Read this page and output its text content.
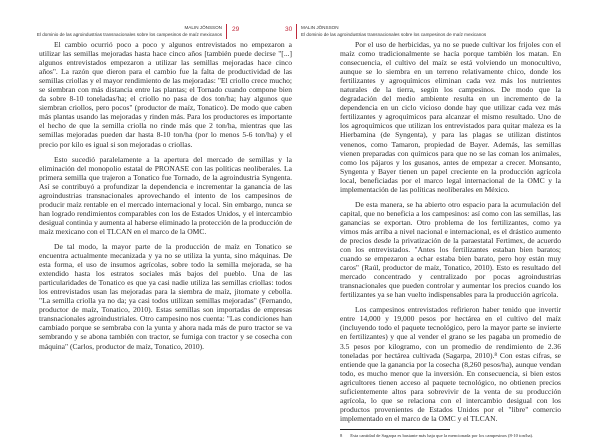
MALIN JÖNSSON
El dominio de las agroindustrias transnacionales sobre los campesinos de maíz mexicanos
29	30 MALIN JÖNSSON
El dominio de las agroindustrias transnacionales sobre los campesinos de maíz mexicanos

El cambio ocurrió poco a poco y algunos entrevistados no empezaron a utilizar las semillas mejoradas hasta hace cinco años [también puede decirse "[...] algunos entrevistados empezaron a utilizar las semillas mejoradas hace cinco años". La razón que dieron para el cambio fue la falta de productividad de las semillas criollas y el mayor rendimiento de las mejoradas: "El criollo crece mucho; se siembran con más distancia entre las plantas; el Tornado cuando compone bien da sobre 8-10 toneladas/ha; el criollo no pasa de dos ton/ha; hay algunos que siembran criollos, pero pocos" (productor de maíz, Tonatico). De modo que caben más plantas usando las mejoradas y rinden más. Para los productores es importante el hecho de que la semilla criolla no rinde más que 2 ton/ha, mientras que las semillas mejoradas pueden dar hasta 8-10 ton/ha (por lo menos 5-6 ton/ha) y el precio por kilo es igual si son mejoradas o criollas.

Esto sucedió paralelamente a la apertura del mercado de semillas y la eliminación del monopolio estatal de PRONASE con las políticas neoliberales. La primera semilla que trajeron a Tonatico fue Tornado, de la agroindustria Syngenta. Así se contribuyó a profundizar la dependencia e incrementar la ganancia de las agroindustrias transnacionales aprovechando el intento de los campesinos de producir maíz rentable en el mercado internacional y local. Sin embargo, nunca se han logrado rendimientos comparables con los de Estados Unidos, y el intercambio desigual continúa y aumenta al haberse eliminado la protección de la producción de maíz mexicano con el TLCAN en el marco de la OMC.

De tal modo, la mayor parte de la producción de maíz en Tonatico se encuentra actualmente mecanizada y ya no se utiliza la yunta, sino máquinas. De esta forma, el uso de insumos agrícolas, sobre todo la semilla mejorada, se ha extendido hasta los estratos sociales más bajos del pueblo. Una de las particularidades de Tonatico es que ya casi nadie utiliza las semillas criollas: todos los entrevistados usan las mejoradas para la siembra de maíz, jitomate y cebolla. "La semilla criolla ya no da; ya casi todos utilizan semillas mejoradas" (Fernando, productor de maíz, Tonatico, 2010). Estas semillas son importadas de empresas transnacionales agroindustriales. Otro campesino nos cuenta: "Las condiciones han cambiado porque se sembraba con la yunta y ahora nada más de puro tractor se va sembrando y se abona también con tractor, se fumiga con tractor y se cosecha con máquina" (Carlos, productor de maíz, Tonatico, 2010).

Por el uso de herbicidas, ya no se puede cultivar los frijoles con el maíz como tradicionalmente se hacía porque también los matan. En consecuencia, el cultivo del maíz se está volviendo un monocultivo, aunque se lo siembra en un terreno relativamente chico, donde los fertilizantes y agroquímicos eliminan cada vez más los nutrientes naturales de la tierra, según los campesinos. De modo que la degradación del medio ambiente resulta en un incremento de la dependencia en un ciclo vicioso donde hay que utilizar cada vez más fertilizantes y agroquímicos para alcanzar el mismo resultado. Uno de los agroquímicos que utilizan los entrevistados para quitar maleza es la Hierbamina (de Syngenta), y para las plagas se utilizan distintos venenos, como Tamaron, propiedad de Bayer. Además, las semillas vienen preparadas con químicos para que no se las coman los animales, como los pájaros y los gusanos, antes de empezar a crecer. Monsanto, Syngenta y Bayer tienen un papel creciente en la producción agrícola local, beneficiadas por el marco legal internacional de la OMC y la implementación de las políticas neoliberales en México.

De esta manera, se ha abierto otro espacio para la acumulación del capital, que no beneficia a los campesinos: así como con las semillas, las ganancias se exportan. Otro problema de los fertilizantes, como ya vimos más arriba a nivel nacional e internacional, es el drástico aumento de precios desde la privatización de la paraestatal Fertimex, de acuerdo con los entrevistados. "Antes los fertilizantes estaban bien baratos; cuando se empezaron a echar estaba bien barato, pero hoy están muy caros" (Raúl, productor de maíz, Tonatico, 2010). Esto es resultado del mercado concentrado y centralizado por pocas agroindustrias transnacionales que pueden controlar y aumentar los precios cuando los fertilizantes ya se han vuelto indispensables para la producción agrícola.

Los campesinos entrevistados refirieron haber tenido que invertir entre 14,000 y 19,000 pesos por hectárea en el cultivo del maíz (incluyendo todo el paquete tecnológico, pero la mayor parte se invierte en fertilizantes) y que al vender el grano se les pagaba un promedio de 3.5 pesos por kilogramo, con un promedio de rendimiento de 2.36 toneladas por hectárea cultivada (Sagarpa, 2010).⁸ Con estas cifras, se entiende que la ganancia por la cosecha (8,260 pesos/ha), aunque vendan todo, es mucho menor que la inversión. En consecuencia, si bien estos agricultores tienen acceso al paquete tecnológico, no obtienen precios suficientemente altos para sobrevivir de la venta de su producción agrícola, lo que se relaciona con el intercambio desigual con los productos provenientes de Estados Unidos por el "libre" comercio implementado en el marco de la OMC y el TLCAN.

8 Esta cantidad de Sagarpa es bastante más baja que la mencionada por los campesinos (8-10 ton/ha).
